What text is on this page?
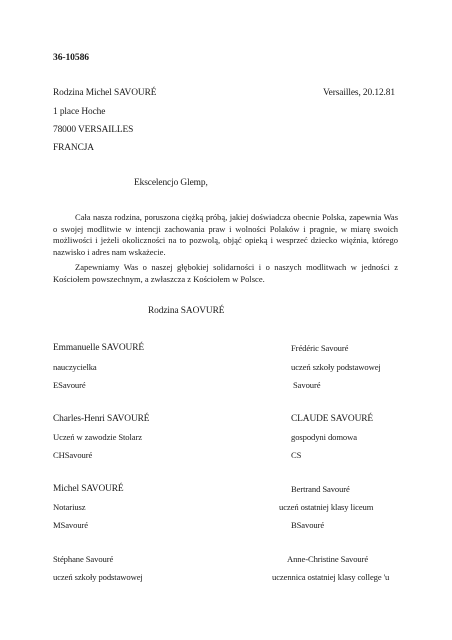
36-10586
Rodzina Michel SAVOURÉ	Versailles, 20.12.81
1 place Hoche
78000 VERSAILLES
FRANCJA
Ekscelencjo Glemp,
Cała nasza rodzina, poruszona ciężką próbą, jakiej doświadcza obecnie Polska, zapewnia Was o swojej modlitwie w intencji zachowania praw i wolności Polaków i pragnie, w miarę swoich możliwości i jeżeli okoliczności na to pozwolą, objąć opieką i wesprzeć dziecko więźnia, którego nazwisko i adres nam wskażecie.
Zapewniamy Was o naszej głębokiej solidarności i o naszych modlitwach w jedności z Kościołem powszechnym, a zwłaszcza z Kościołem w Polsce.
Rodzina SAOVURÉ
Emmanuelle SAVOURÉ
nauczycielka
ESavouré
Frédéric Savouré
uczeń szkoły podstawowej
Savouré
Charles-Henri SAVOURÉ
Uczeń w zawodzie Stolarz
CHSavouré
CLAUDE SAVOURÉ
gospodyni domowa
CS
Michel SAVOURÉ
Notariusz
MSavouré
Bertrand Savouré
uczeń ostatniej klasy liceum
BSavouré
Stéphane Savouré
uczeń szkoły podstawowej
Anne-Christine Savouré
uczennica ostatniej klasy college 'u
